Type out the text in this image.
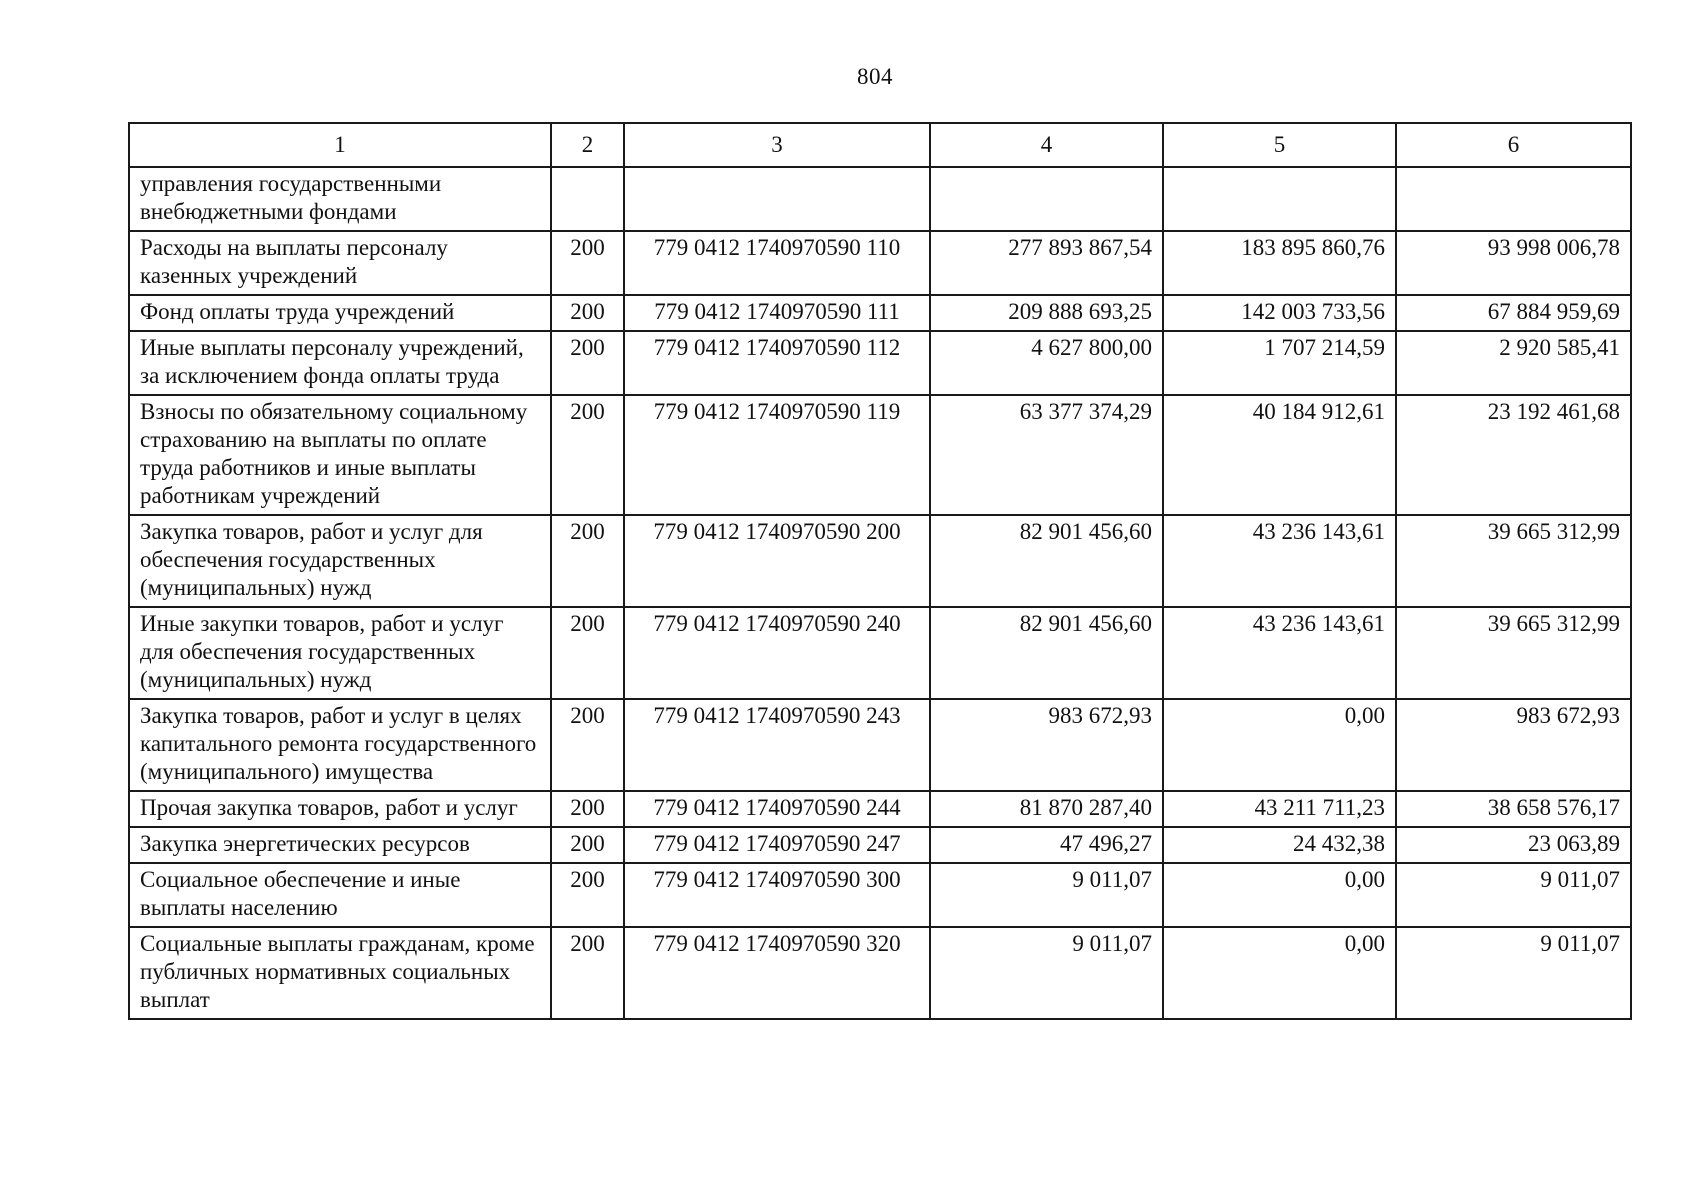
804
1	2	3	4	5	6
управления государственными внебюджетными фондами					
Расходы на выплаты персоналу казенных учреждений	200	779 0412 1740970590 110	277 893 867,54	183 895 860,76	93 998 006,78
Фонд оплаты труда учреждений	200	779 0412 1740970590 111	209 888 693,25	142 003 733,56	67 884 959,69
Иные выплаты персоналу учреждений, за исключением фонда оплаты труда	200	779 0412 1740970590 112	4 627 800,00	1 707 214,59	2 920 585,41
Взносы по обязательному социальному страхованию на выплаты по оплате труда работников и иные выплаты работникам учреждений	200	779 0412 1740970590 119	63 377 374,29	40 184 912,61	23 192 461,68
Закупка товаров, работ и услуг для обеспечения государственных (муниципальных) нужд	200	779 0412 1740970590 200	82 901 456,60	43 236 143,61	39 665 312,99
Иные закупки товаров, работ и услуг для обеспечения государственных (муниципальных) нужд	200	779 0412 1740970590 240	82 901 456,60	43 236 143,61	39 665 312,99
Закупка товаров, работ и услуг в целях капитального ремонта государственного (муниципального) имущества	200	779 0412 1740970590 243	983 672,93	0,00	983 672,93
Прочая закупка товаров, работ и услуг	200	779 0412 1740970590 244	81 870 287,40	43 211 711,23	38 658 576,17
Закупка энергетических ресурсов	200	779 0412 1740970590 247	47 496,27	24 432,38	23 063,89
Социальное обеспечение и иные выплаты населению	200	779 0412 1740970590 300	9 011,07	0,00	9 011,07
Социальные выплаты гражданам, кроме публичных нормативных социальных выплат	200	779 0412 1740970590 320	9 011,07	0,00	9 011,07
